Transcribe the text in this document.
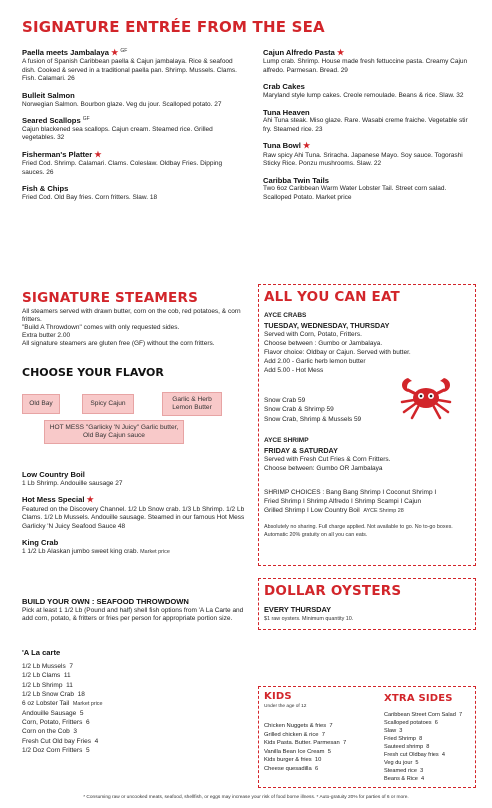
SIGNATURE ENTRÉE FROM THE SEA
Paella meets Jambalaya ★ $^{GF}$
A fusion of Spanish Caribbean paella & Cajun jambalaya. Rice & seafood dish. Cooked & served in a traditional paella pan. Shrimp. Mussels. Clams. Fish. Calamari. 26
Bulleit Salmon
Norwegian Salmon. Bourbon glaze. Veg du jour. Scalloped potato. 27
Seared Scallops $^{GF}$
Cajun blackened sea scallops. Cajun cream. Steamed rice. Grilled vegetables. 32
Fisherman's Platter ★
Fried Cod. Shrimp. Calamari. Clams. Coleslaw. Oldbay Fries. Dipping sauces. 26
Fish & Chips
Fried Cod. Old Bay fries. Corn fritters. Slaw. 18
Cajun Alfredo Pasta ★
Lump crab. Shrimp. House made fresh fettuccine pasta. Creamy Cajun alfredo. Parmesan. Bread. 29
Crab Cakes
Maryland style lump cakes. Creole remoulade. Beans & rice. Slaw. 32
Tuna Heaven
Ahi Tuna steak. Miso glaze. Rare. Wasabi creme fraiche. Vegetable stir fry. Steamed rice. 23
Tuna Bowl ★
Raw spicy Ahi Tuna. Sriracha. Japanese Mayo. Soy sauce. Togorashi Sticky Rice. Ponzu mushrooms. Slaw. 22
Caribba Twin Tails
Two 6oz Caribbean Warm Water Lobster Tail. Street corn salad. Scalloped Potato. Market price
SIGNATURE STEAMERS
All steamers served with drawn butter, corn on the cob, red potatoes, & corn fritters.
"Build A Throwdown" comes with only requested sides.
Extra butter 2.00
All signature steamers are gluten free (GF) without the corn fritters.
CHOOSE YOUR FLAVOR
Old Bay	Spicy Cajun
Garlic & Herb Lemon Butter
HOT MESS "Garlicky 'N Juicy" Garlic butter, Old Bay Cajun sauce
Low Country Boil
1 Lb Shrimp. Andouille sausage 27
Hot Mess Special ★
Featured on the Discovery Channel. 1/2 Lb Snow crab. 1/3 Lb Shrimp. 1/2 Lb Clams. 1/2 Lb Mussels. Andouille sausage. Steamed in our famous Hot Mess Garlicky 'N Juicy Seafood Sauce 48
King Crab
1 1/2 Lb Alaskan jumbo sweet king crab. Market price
BUILD YOUR OWN : SEAFOOD THROWDOWN
Pick at least 1 1/2 Lb (Pound and half) shell fish options from 'A La Carte and add corn, potato, & fritters or fries per person for appropriate portion size.
'A La carte
1/2 Lb Mussels 7
1/2 Lb Clams 11
1/2 Lb Shrimp 11
1/2 Lb Snow Crab 18
6 oz Lobster Tail Market price
Andouille Sausage 5
Corn, Potato, Fritters 6
Corn on the Cob 3
Fresh Cut Old bay Fries 4
1/2 Doz Corn Fritters 5
ALL YOU CAN EAT
AYCE CRABS
TUESDAY, WEDNESDAY, THURSDAY
Served with Corn, Potato, Fritters.
Choose between : Gumbo or Jambalaya.
Flavor choice: Oldbay or Cajun. Served with butter.
Add 2.00 - Garlic herb lemon butter
Add 5.00 - Hot Mess
Snow Crab 59
Snow Crab & Shrimp 59
Snow Crab, Shrimp & Mussels 59
AYCE SHRIMP
FRIDAY & SATURDAY
Served with Fresh Cut Fries & Corn Fritters.
Choose between: Gumbo OR Jambalaya
SHRIMP CHOICES : Bang Bang Shrimp I Coconut Shrimp I
Fried Shrimp I Shrimp Alfredo I Shrimp Scampi I Cajun
Grilled Shrimp I Low Country Boil AYCE Shrimp 28
Absolutely no sharing. Full charge applied. Not available to go. No to-go boxes. Automatic 20% gratuity on all you can eats.
DOLLAR OYSTERS
EVERY THURSDAY
$1 raw oysters. Minimum quantity 10.
KIDS
Under the age of 12
Chicken Nuggets & fries 7
Grilled chicken & rice 7
Kids Pasta. Butter. Parmesan 7
Vanilla Bean Ice Cream 5
Kids burger & fries 10
Cheese quesadilla 6
XTRA SIDES
Caribbean Street Corn Salad 7
Scalloped potatoes 6
Slaw 3
Fried Shrimp 8
Sauteed shrimp 8
Fresh cut Oldbay fries 4
Veg du jour 5
Steamed rice 3
Beans & Rice 4
* Consuming raw or uncooked meats, seafood, shellfish, or eggs may increase your risk of food borne illness. * Auto-gratuity 20% for parties of 6 or more.
